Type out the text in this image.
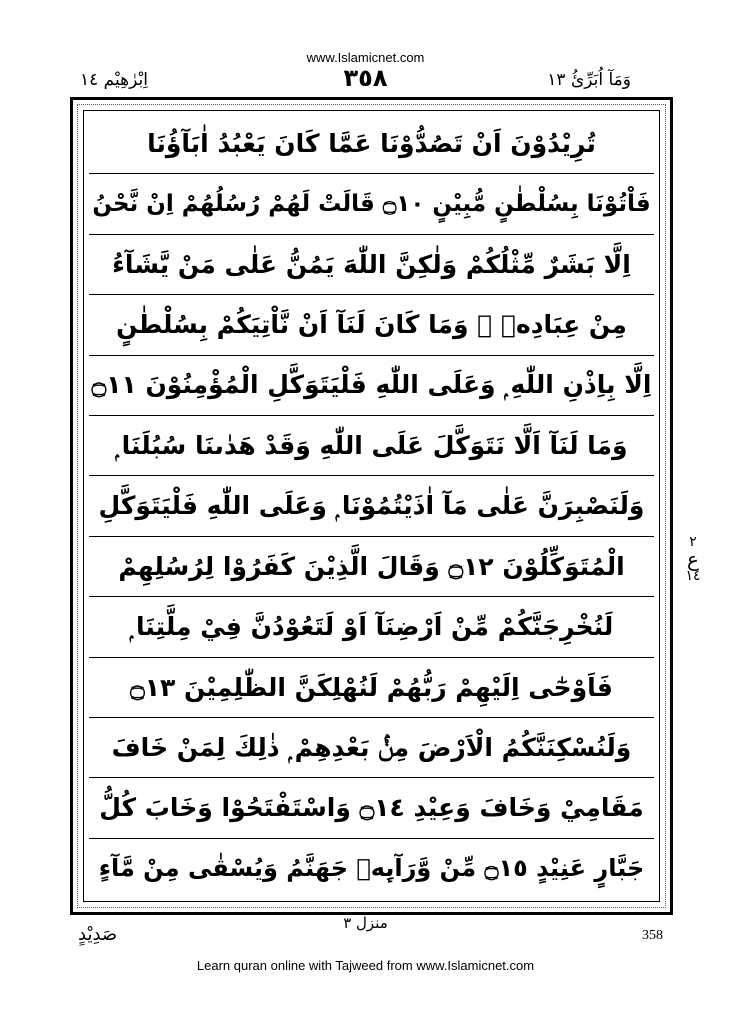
www.Islamicnet.com
اِبْرٰهِيْم ١٤	٣٥٨	وَمَآ اُبَرِّئُ ١٣
تُرِيْدُوْنَ اَنْ تَصُدُّوْنَا عَمَّا كَانَ يَعْبُدُ اٰبَآؤُنَا
فَاْتُوْنَا بِسُلْطٰنٍ مُّبِيْنٍ ۝١٠ قَالَتْ لَهُمْ رُسُلُهُمْ اِنْ نَّحْنُ
اِلَّا بَشَرٌ مِّثْلُكُمْ وَلٰكِنَّ اللّٰهَ يَمُنُّ عَلٰى مَنْ يَّشَآءُ
مِنْ عِبَادِهٖ ۭ وَمَا كَانَ لَنَآ اَنْ نَّاْتِيَكُمْ بِسُلْطٰنٍ
اِلَّا بِاِذْنِ اللّٰهِ ۭ وَعَلَى اللّٰهِ فَلْيَتَوَكَّلِ الْمُؤْمِنُوْنَ ۝١١
وَمَا لَنَآ اَلَّا نَتَوَكَّلَ عَلَى اللّٰهِ وَقَدْ هَدٰىنَا سُبُلَنَا ۭ
وَلَنَصْبِرَنَّ عَلٰى مَآ اٰذَيْتُمُوْنَا ۭ وَعَلَى اللّٰهِ فَلْيَتَوَكَّلِ
الْمُتَوَكِّلُوْنَ ۝١٢ وَقَالَ الَّذِيْنَ كَفَرُوْا لِرُسُلِهِمْ
لَنُخْرِجَنَّكُمْ مِّنْ اَرْضِنَآ اَوْ لَتَعُوْدُنَّ فِيْ مِلَّتِنَا ۭ
فَاَوْحٰٓى اِلَيْهِمْ رَبُّهُمْ لَنُهْلِكَنَّ الظّٰلِمِيْنَ ۝١٣
وَلَنُسْكِنَنَّكُمُ الْاَرْضَ مِنْۢ بَعْدِهِمْ ۭ ذٰلِكَ لِمَنْ خَافَ
مَقَامِيْ وَخَافَ وَعِيْدِ ۝١٤ وَاسْتَفْتَحُوْا وَخَابَ كُلُّ
جَبَّارٍ عَنِيْدٍ ۝١٥ مِّنْ وَّرَآىِٕهٖ جَهَنَّمُ وَيُسْقٰى مِنْ مَّآءٍ
٢
ع
١٤
صَدِيْدٍ
منزل ٣
358
Learn quran online with Tajweed from www.Islamicnet.com
